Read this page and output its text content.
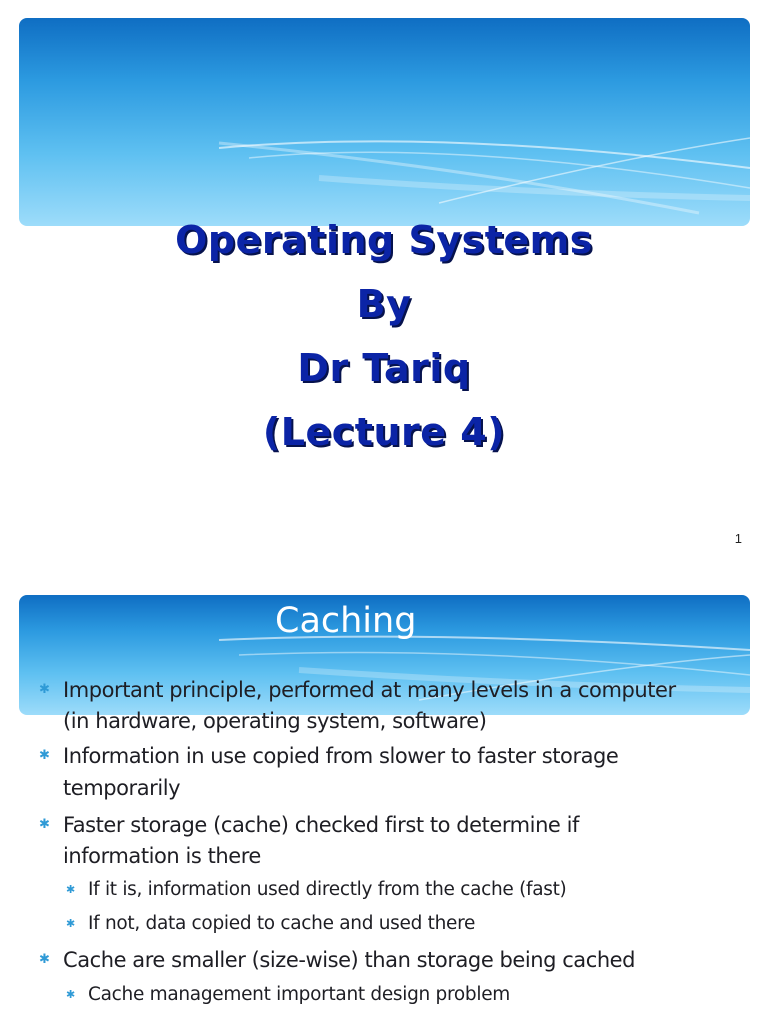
Operating Systems
By
Dr Tariq
(Lecture 4)
1
Caching
✱ Important principle, performed at many levels in a computer
(in hardware, operating system, software)
✱ Information in use copied from slower to faster storage
temporarily
✱ Faster storage (cache) checked first to determine if
information is there
✱ If it is, information used directly from the cache (fast)
✱ If not, data copied to cache and used there
✱ Cache are smaller (size-wise) than storage being cached
✱ Cache management important design problem
